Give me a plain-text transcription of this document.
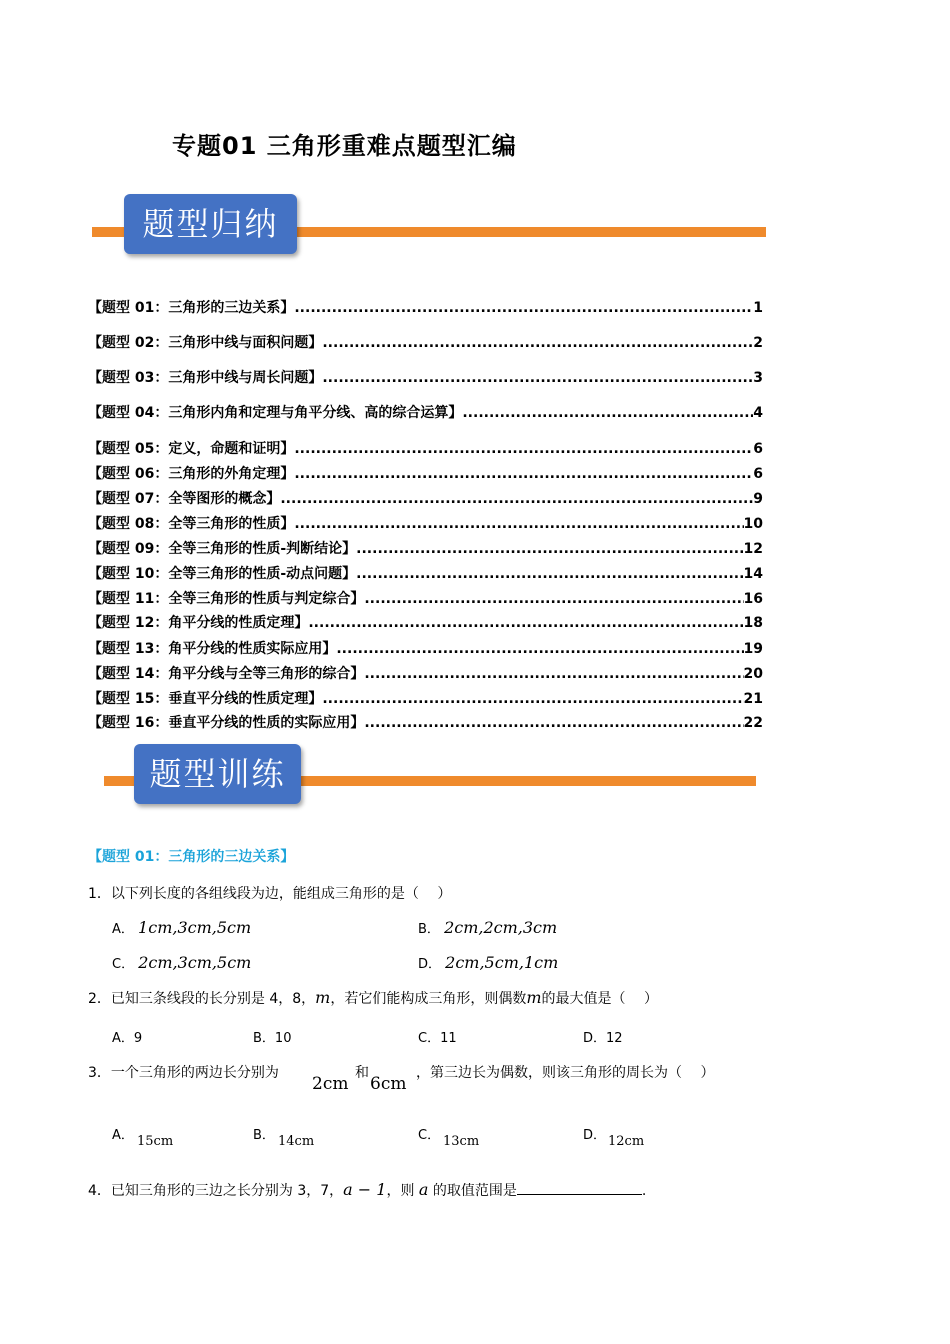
专题01 三角形重难点题型汇编
题型归纳
【题型 01：三角形的三边关系】 .....	1
【题型 02：三角形中线与面积问题】 .....	2
【题型 03：三角形中线与周长问题】 .....	3
【题型 04：三角形内角和定理与角平分线、高的综合运算】 .....	4
【题型 05：定义，命题和证明】 .....	6
【题型 06：三角形的外角定理】 .....	6
【题型 07：全等图形的概念】 .....	9
【题型 08：全等三角形的性质】 .....	10
【题型 09：全等三角形的性质-判断结论】 .....	12
【题型 10：全等三角形的性质-动点问题】 .....	14
【题型 11：全等三角形的性质与判定综合】 .....	16
【题型 12：角平分线的性质定理】 .....	18
【题型 13：角平分线的性质实际应用】 .....	19
【题型 14：角平分线与全等三角形的综合】 .....	20
【题型 15：垂直平分线的性质定理】 .....	21
【题型 16：垂直平分线的性质的实际应用】 .....	22
题型训练
【题型 01：三角形的三边关系】
1．以下列长度的各组线段为边，能组成三角形的是（　 ）
A． 1cm,3cm,5cm	B． 2cm,2cm,3cm
C． 2cm,3cm,5cm	D． 2cm,5cm,1cm
2．已知三条线段的长分别是 4，8，m，若它们能构成三角形，则偶数m的最大值是（　 ）
A．9	B．10	C．11	D．12
3．一个三角形的两边长分别为
2cm
和
6cm
，第三边长为偶数，则该三角形的周长为（　 ）
A． 15cm	B． 14cm	C． 13cm	D． 12cm
4．已知三角形的三边之长分别为 3，7，a − 1，则 a 的取值范围是	.
